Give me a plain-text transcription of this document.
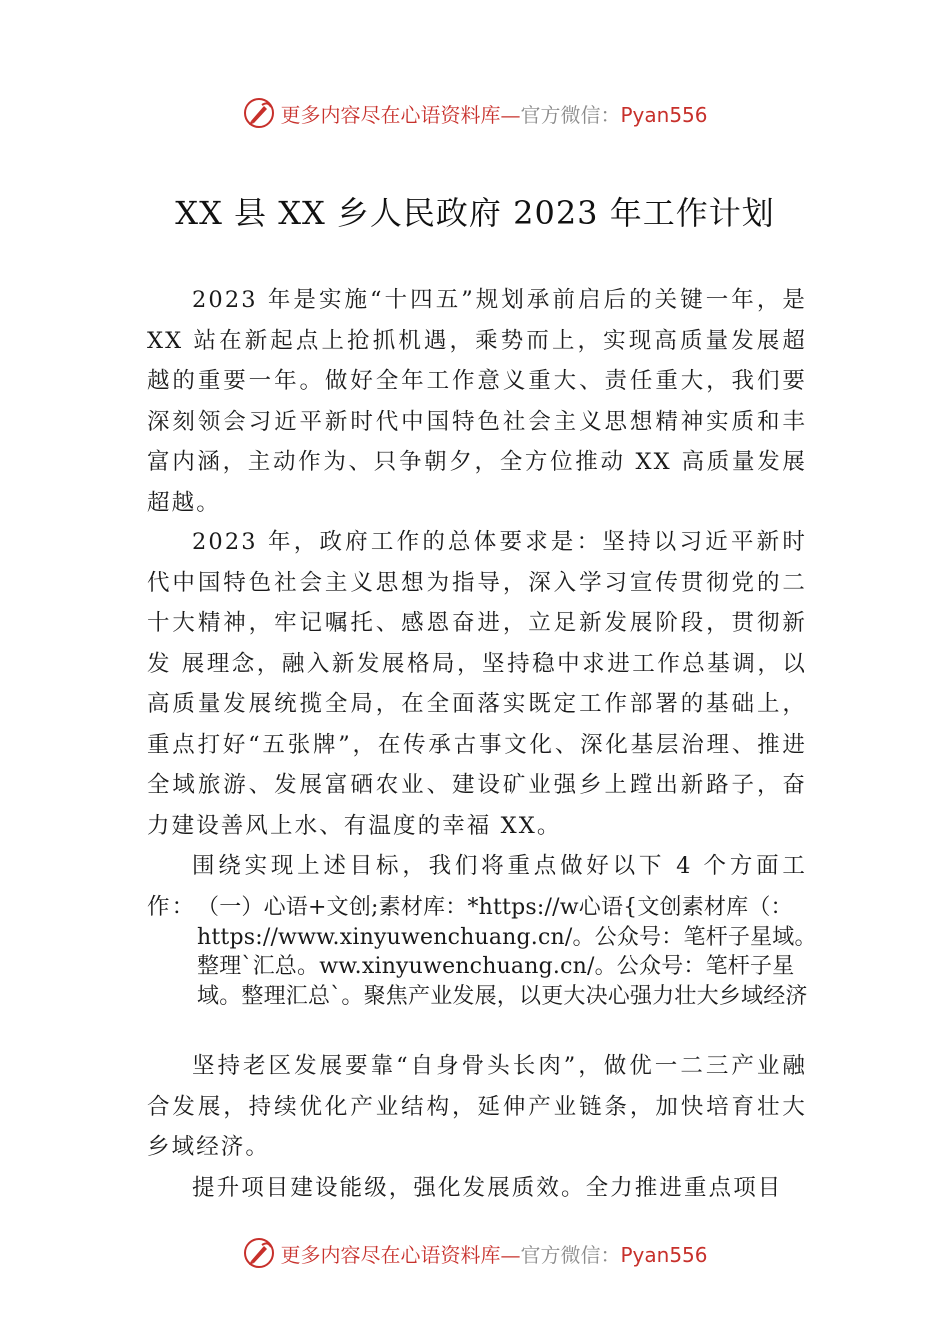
更多内容尽在心语资料库—官方微信：Pyan556
XX 县 XX 乡人民政府 2023 年工作计划
2023 年是实施“十四五”规划承前启后的关键一年，是XX 站在新起点上抢抓机遇，乘势而上，实现高质量发展超越的重要一年。做好全年工作意义重大、责任重大，我们要深刻领会习近平新时代中国特色社会主义思想精神实质和丰富内涵，主动作为、只争朝夕，全方位推动 XX 高质量发展超越。
2023 年，政府工作的总体要求是：坚持以习近平新时代中国特色社会主义思想为指导，深入学习宣传贯彻党的二十大精神，牢记嘱托、感恩奋进，立足新发展阶段，贯彻新发 展理念，融入新发展格局，坚持稳中求进工作总基调，以高质量发展统揽全局，在全面落实既定工作部署的基础上，重点打好“五张牌”，在传承古事文化、深化基层治理、推进全域旅游、发展富硒农业、建设矿业强乡上蹚出新路子，奋力建设善风上水、有温度的幸福 XX。
围绕实现上述目标，我们将重点做好以下 4 个方面工作： （一）心语+文创;素材库：*https://w心语{文创素材库（：https://www.xinyuwenchuang.cn/。公众号：笔杆子星域。整理`汇总。ww.xinyuwenchuang.cn/。公众号：笔杆子星域。整理汇总`。聚焦产业发展，以更大决心强力壮大乡域经济
坚持老区发展要靠“自身骨头长肉”，做优一二三产业融合发展，持续优化产业结构，延伸产业链条，加快培育壮大乡域经济。
提升项目建设能级，强化发展质效。全力推进重点项目
更多内容尽在心语资料库—官方微信：Pyan556
